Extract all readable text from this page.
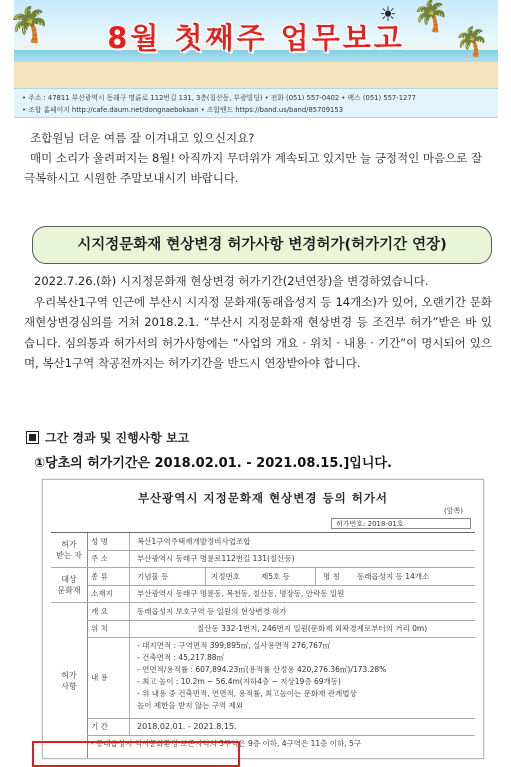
🌴	🌴
🌴
☀
8월 첫째주 업무보고
• 주소 : 47811 부산광역시 동래구 명륜로 112번길 131, 3층(칠산동, 부광빌딩) • 전화 (051) 557-0402 • 팩스 (051) 557-1277
• 조합 홈페이지 http://cafe.daum.net/dongnaeboksan • 조합밴드 https://band.us/band/85709153

조합원님 더운 여름 잘 이겨내고 있으신지요?

매미 소리가 울려퍼지는 8월! 아직까지 무더위가 계속되고 있지만 늘 긍정적인 마음으로 잘 극복하시고 시원한 주말보내시기 바랍니다.

시지정문화재 현상변경 허가사항 변경허가(허가기간 연장)

2022.7.26.(화) 시지정문화재 현상변경 허가기간(2년연장)을 변경하였습니다.

우리복산1구역 인근에 부산시 시지정 문화재(동래읍성지 등 14개소)가 있어, 오랜기간 문화재현상변경심의를 거쳐 2018.2.1. “부산시 지정문화재 현상변경 등 조건부 허가”받은 바 있습니다. 심의통과 허가서의 허가사항에는 “사업의 개요 · 위치 · 내용 · 기간”이 명시되어 있으며, 복산1구역 착공전까지는 허가기간을 반드시 연장받아야 합니다.

그간 경과 및 진행사항 보고
①당초의 허가기간은 2018.02.01. - 2021.08.15.]입니다.
부산광역시 지정문화재 현상변경 등의 허가서
(앞쪽)
허가번호: 2018-01호
허가
받는 자
성 명	복산1구역주택재개발정비사업조합
주 소	부산광역시 동래구 명륜로112번길 131(칠산동)
대상
문화재
종 류	기념물 등	지정번호	제5호 등	명 칭 동래읍성지 등 14개소
소재지	부산광역시 동래구 명륜동, 복천동, 칠산동, 명장동, 안락동 일원
허가
사항
개 요	동래읍성지 보호구역 등 일원의 현상변경 허가
위 치	칠산동 332-1번지, 246번지 일원(문화재 외곽경계로부터의 거리 0m)
내 용
- 대지면적 : 구역면적 399,895㎡, 실사용면적 276,767㎡
- 건축면적 : 45,217.88㎡
- 연면적/용적률 : 607,894.23㎡(용적률 산정용 420,276.36㎡)/173.28%
- 최고 높이 : 10.2m ~ 56.4m(지하4층 ~ 지상19층 69개동)
- 위 내용 중 건축면적, 연면적, 용적률, 최고높이는 문화재 관계법상
높이 제한을 받지 않는 구역 제외
기 간	2018.02.01. - 2021.8.15.
- 동래읍성지 역사문화환경 보존지역의 3구역은 9층 이하, 4구역은 11층 이하, 5구
